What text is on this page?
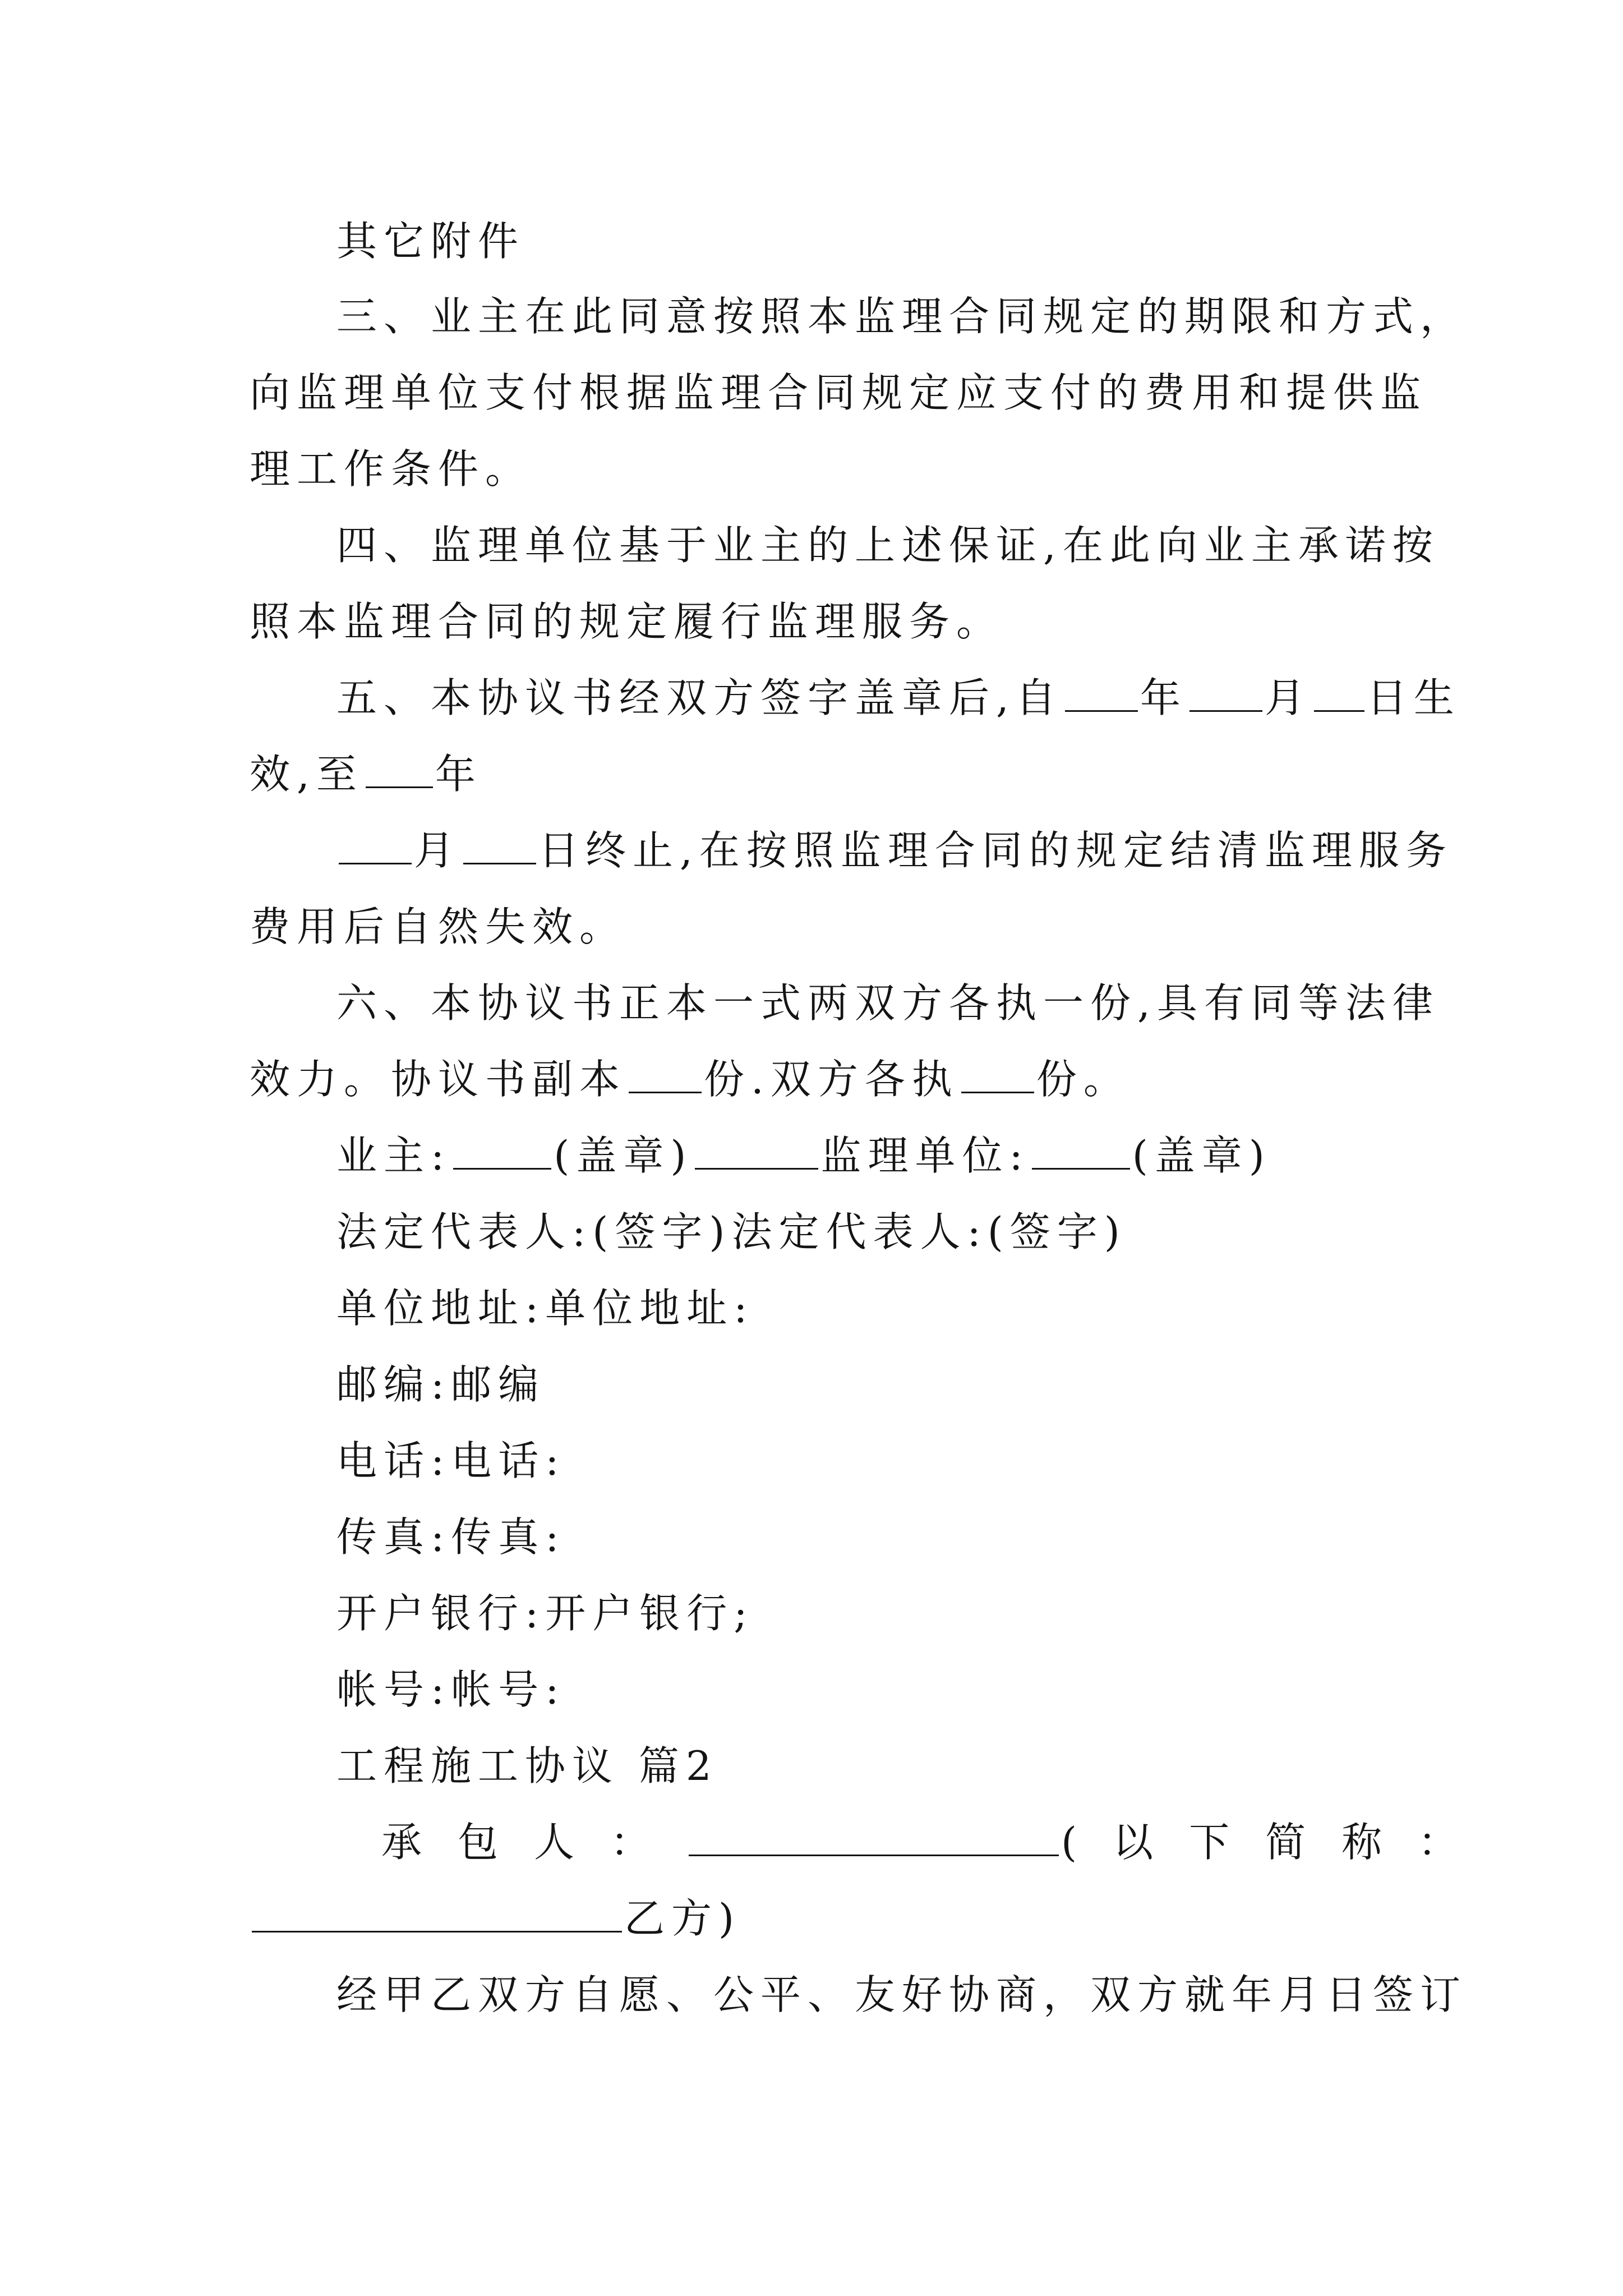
其它附件
三、业主在此同意按照本监理合同规定的期限和方式，
向监理单位支付根据监理合同规定应支付的费用和提供监
理工作条件。
四、监理单位基于业主的上述保证,在此向业主承诺按
照本监理合同的规定履行监理服务。
五、本协议书经双方签字盖章后,自 年 月 日生
效,至 年
月 日终止,在按照监理合同的规定结清监理服务
费用后自然失效。
六、本协议书正本一式两双方各执一份,具有同等法律
效力。协议书副本 份.双方各执 份。
业主:	(盖章)	监理单位:	(盖章)
法定代表人:(签字)法定代表人:(签字)
单位地址:单位地址:
邮编:邮编
电话:电话:
传真:传真:
开户银行:开户银行;
帐号:帐号:
工程施工协议 篇2
承包人：	(以下简称：
乙方)
经甲乙双方自愿、公平、友好协商，双方就年月日签订
